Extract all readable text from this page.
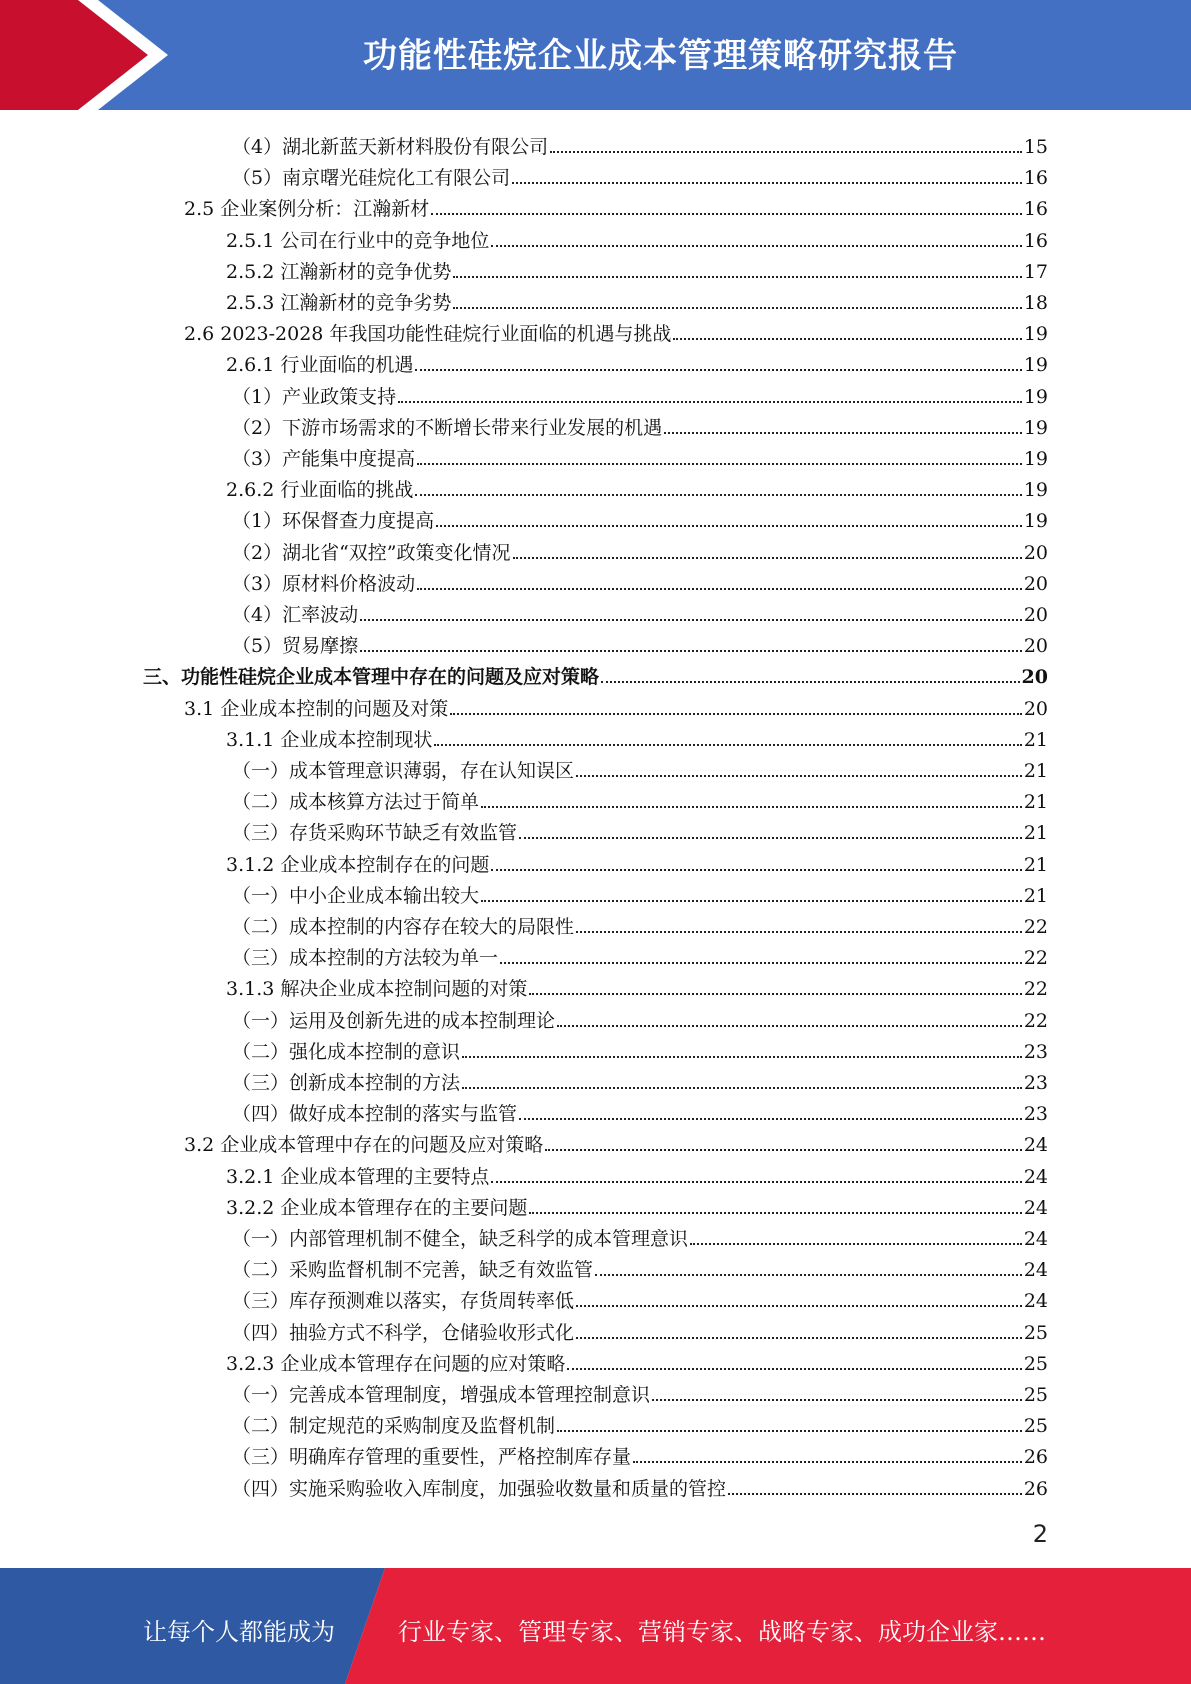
功能性硅烷企业成本管理策略研究报告
（4）湖北新蓝天新材料股份有限公司	15
（5）南京曙光硅烷化工有限公司	16
2.5 企业案例分析：江瀚新材	16
2.5.1 公司在行业中的竞争地位	16
2.5.2 江瀚新材的竞争优势	17
2.5.3 江瀚新材的竞争劣势	18
2.6 2023-2028 年我国功能性硅烷行业面临的机遇与挑战	19
2.6.1 行业面临的机遇	19
（1）产业政策支持	19
（2）下游市场需求的不断增长带来行业发展的机遇	19
（3）产能集中度提高	19
2.6.2 行业面临的挑战	19
（1）环保督查力度提高	19
（2）湖北省“双控”政策变化情况	20
（3）原材料价格波动	20
（4）汇率波动	20
（5）贸易摩擦	20
三、功能性硅烷企业成本管理中存在的问题及应对策略	20
3.1 企业成本控制的问题及对策	20
3.1.1 企业成本控制现状	21
（一）成本管理意识薄弱，存在认知误区	21
（二）成本核算方法过于简单	21
（三）存货采购环节缺乏有效监管	21
3.1.2 企业成本控制存在的问题	21
（一）中小企业成本输出较大	21
（二）成本控制的内容存在较大的局限性	22
（三）成本控制的方法较为单一	22
3.1.3 解决企业成本控制问题的对策	22
（一）运用及创新先进的成本控制理论	22
（二）强化成本控制的意识	23
（三）创新成本控制的方法	23
（四）做好成本控制的落实与监管	23
3.2 企业成本管理中存在的问题及应对策略	24
3.2.1 企业成本管理的主要特点	24
3.2.2 企业成本管理存在的主要问题	24
（一）内部管理机制不健全，缺乏科学的成本管理意识	24
（二）采购监督机制不完善，缺乏有效监管	24
（三）库存预测难以落实，存货周转率低	24
（四）抽验方式不科学，仓储验收形式化	25
3.2.3 企业成本管理存在问题的应对策略	25
（一）完善成本管理制度，增强成本管理控制意识	25
（二）制定规范的采购制度及监督机制	25
（三）明确库存管理的重要性，严格控制库存量	26
（四）实施采购验收入库制度，加强验收数量和质量的管控	26
2
让每个人都能成为	行业专家、管理专家、营销专家、战略专家、成功企业家……
